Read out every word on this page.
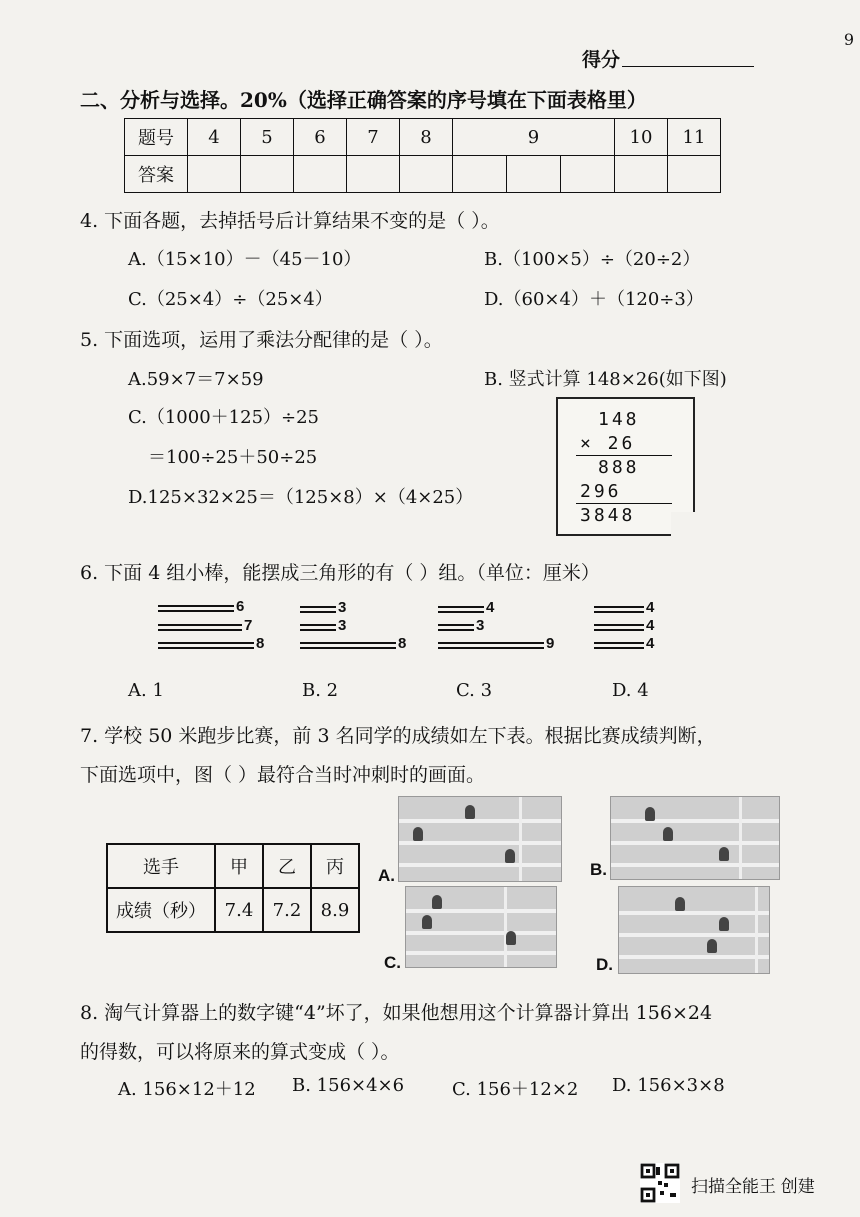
9
得分
二、分析与选择。20%（选择正确答案的序号填在下面表格里）
题号	4	5	6	7	8	9			10	11
答案										
4. 下面各题，去掉括号后计算结果不变的是（ ）。
A.（15×10）－（45－10）	B.（100×5）÷（20÷2）
C.（25×4）÷（25×4）	D.（60×4）＋（120÷3）
5. 下面选项，运用了乘法分配律的是（ ）。
A.59×7＝7×59	B. 竖式计算 148×26(如下图)
C.（1000＋125）÷25
＝100÷25＋50÷25
D.125×32×25＝（125×8）×（4×25）
148
× 26
888
296
3848
6. 下面 4 组小棒，能摆成三角形的有（ ）组。（单位：厘米）
6
7
8
3
3
8
4
3
9
4
4
4
A. 1	B. 2	C. 3	D. 4
7. 学校 50 米跑步比赛，前 3 名同学的成绩如左下表。根据比赛成绩判断，
下面选项中，图（ ）最符合当时冲刺时的画面。
选手	甲	乙	丙
成绩（秒）	7.4	7.2	8.9
A.	B.
C.	D.
8. 淘气计算器上的数字键“4”坏了，如果他想用这个计算器计算出 156×24
的得数，可以将原来的算式变成（ ）。
A. 156×12＋12 B. 156×4×6	C. 156＋12×2 D. 156×3×8
扫描全能王 创建
